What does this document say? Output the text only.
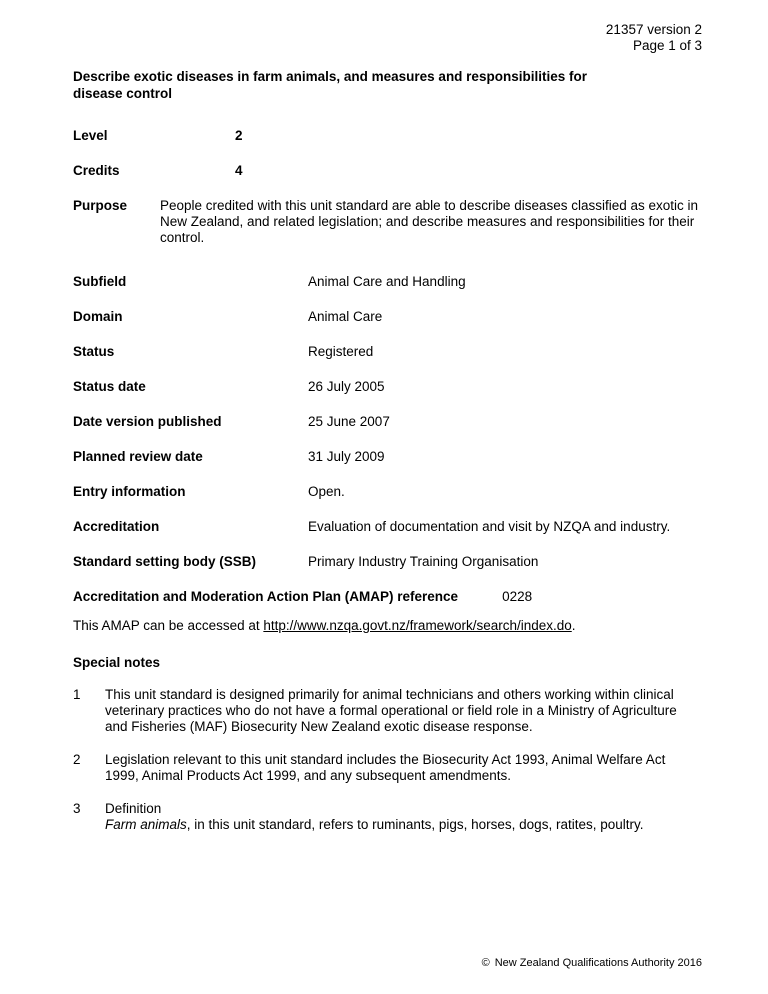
21357 version 2
Page 1 of 3
Describe exotic diseases in farm animals, and measures and responsibilities for disease control
Level	2
Credits	4
Purpose	People credited with this unit standard are able to describe diseases classified as exotic in New Zealand, and related legislation; and describe measures and responsibilities for their control.
Subfield	Animal Care and Handling
Domain	Animal Care
Status	Registered
Status date	26 July 2005
Date version published	25 June 2007
Planned review date	31 July 2009
Entry information	Open.
Accreditation	Evaluation of documentation and visit by NZQA and industry.
Standard setting body (SSB)	Primary Industry Training Organisation
Accreditation and Moderation Action Plan (AMAP) reference	0228
This AMAP can be accessed at http://www.nzqa.govt.nz/framework/search/index.do.
Special notes
1	This unit standard is designed primarily for animal technicians and others working within clinical veterinary practices who do not have a formal operational or field role in a Ministry of Agriculture and Fisheries (MAF) Biosecurity New Zealand exotic disease response.
2	Legislation relevant to this unit standard includes the Biosecurity Act 1993, Animal Welfare Act 1999, Animal Products Act 1999, and any subsequent amendments.
3	Definition
Farm animals, in this unit standard, refers to ruminants, pigs, horses, dogs, ratites, poultry.
© New Zealand Qualifications Authority 2016
